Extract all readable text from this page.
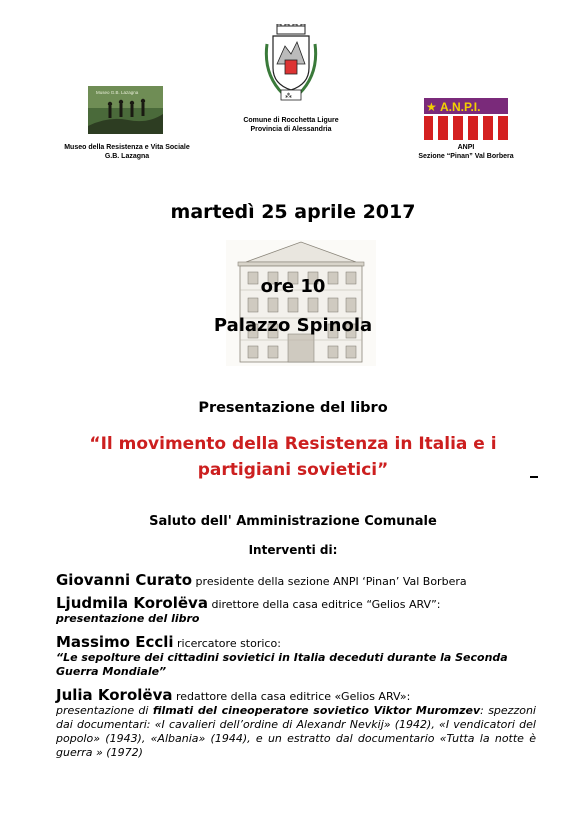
Museo G.B. Lazagna
Museo della Resistenza e Vita Sociale
G.B. Lazagna
⁂
Comune di Rocchetta Ligure
Provincia di Alessandria
★ A.N.P.I.
ANPI
Sezione “Pinan” Val Borbera
martedì 25 aprile 2017
ore 10
Palazzo Spinola
Presentazione del libro
“Il movimento della Resistenza in Italia e i
partigiani sovietici”
Saluto dell' Amministrazione Comunale
Interventi di:
Giovanni Curato presidente della sezione ANPI ‘Pinan’ Val Borbera
Ljudmila Korolëva direttore della casa editrice “Gelios ARV”:
presentazione del libro
Massimo Eccli ricercatore storico:
“Le sepolture dei cittadini sovietici in Italia deceduti durante la Seconda Guerra Mondiale”
Julia Korolëva redattore della casa editrice «Gelios ARV»:
presentazione di filmati del cineoperatore sovietico Viktor Muromzev: spezzoni dai documentari: «I cavalieri dell’ordine di Alexandr Nevkij» (1942), «I vendicatori del popolo» (1943), «Albania» (1944), e un estratto dal documentario «Tutta la notte è guerra » (1972)
